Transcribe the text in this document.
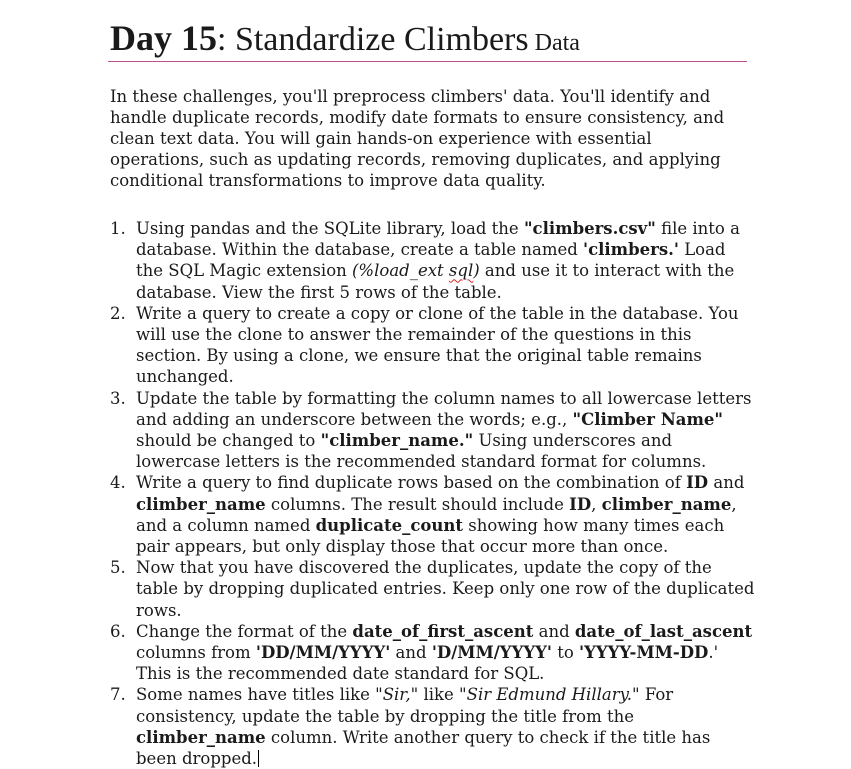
Day 15: Standardize Climbers Data

In these challenges, you'll preprocess climbers' data. You'll identify and handle duplicate records, modify date formats to ensure consistency, and clean text data. You will gain hands-on experience with essential operations, such as updating records, removing duplicates, and applying conditional transformations to improve data quality.

1. Using pandas and the SQLite library, load the "climbers.csv" file into a database. Within the database, create a table named 'climbers.' Load the SQL Magic extension (%load_ext sql) and use it to interact with the database. View the first 5 rows of the table.
2. Write a query to create a copy or clone of the table in the database. You will use the clone to answer the remainder of the questions in this section. By using a clone, we ensure that the original table remains unchanged.
3. Update the table by formatting the column names to all lowercase letters and adding an underscore between the words; e.g., "Climber Name" should be changed to "climber_name." Using underscores and lowercase letters is the recommended standard format for columns.
4. Write a query to find duplicate rows based on the combination of ID and climber_name columns. The result should include ID, climber_name, and a column named duplicate_count showing how many times each pair appears, but only display those that occur more than once.
5. Now that you have discovered the duplicates, update the copy of the table by dropping duplicated entries. Keep only one row of the duplicated rows.
6. Change the format of the date_of_first_ascent and date_of_last_ascent columns from 'DD/MM/YYYY' and 'D/MM/YYYY' to 'YYYY-MM-DD.' This is the recommended date standard for SQL.
7. Some names have titles like "Sir," like "Sir Edmund Hillary." For consistency, update the table by dropping the title from the climber_name column. Write another query to check if the title has been dropped.
